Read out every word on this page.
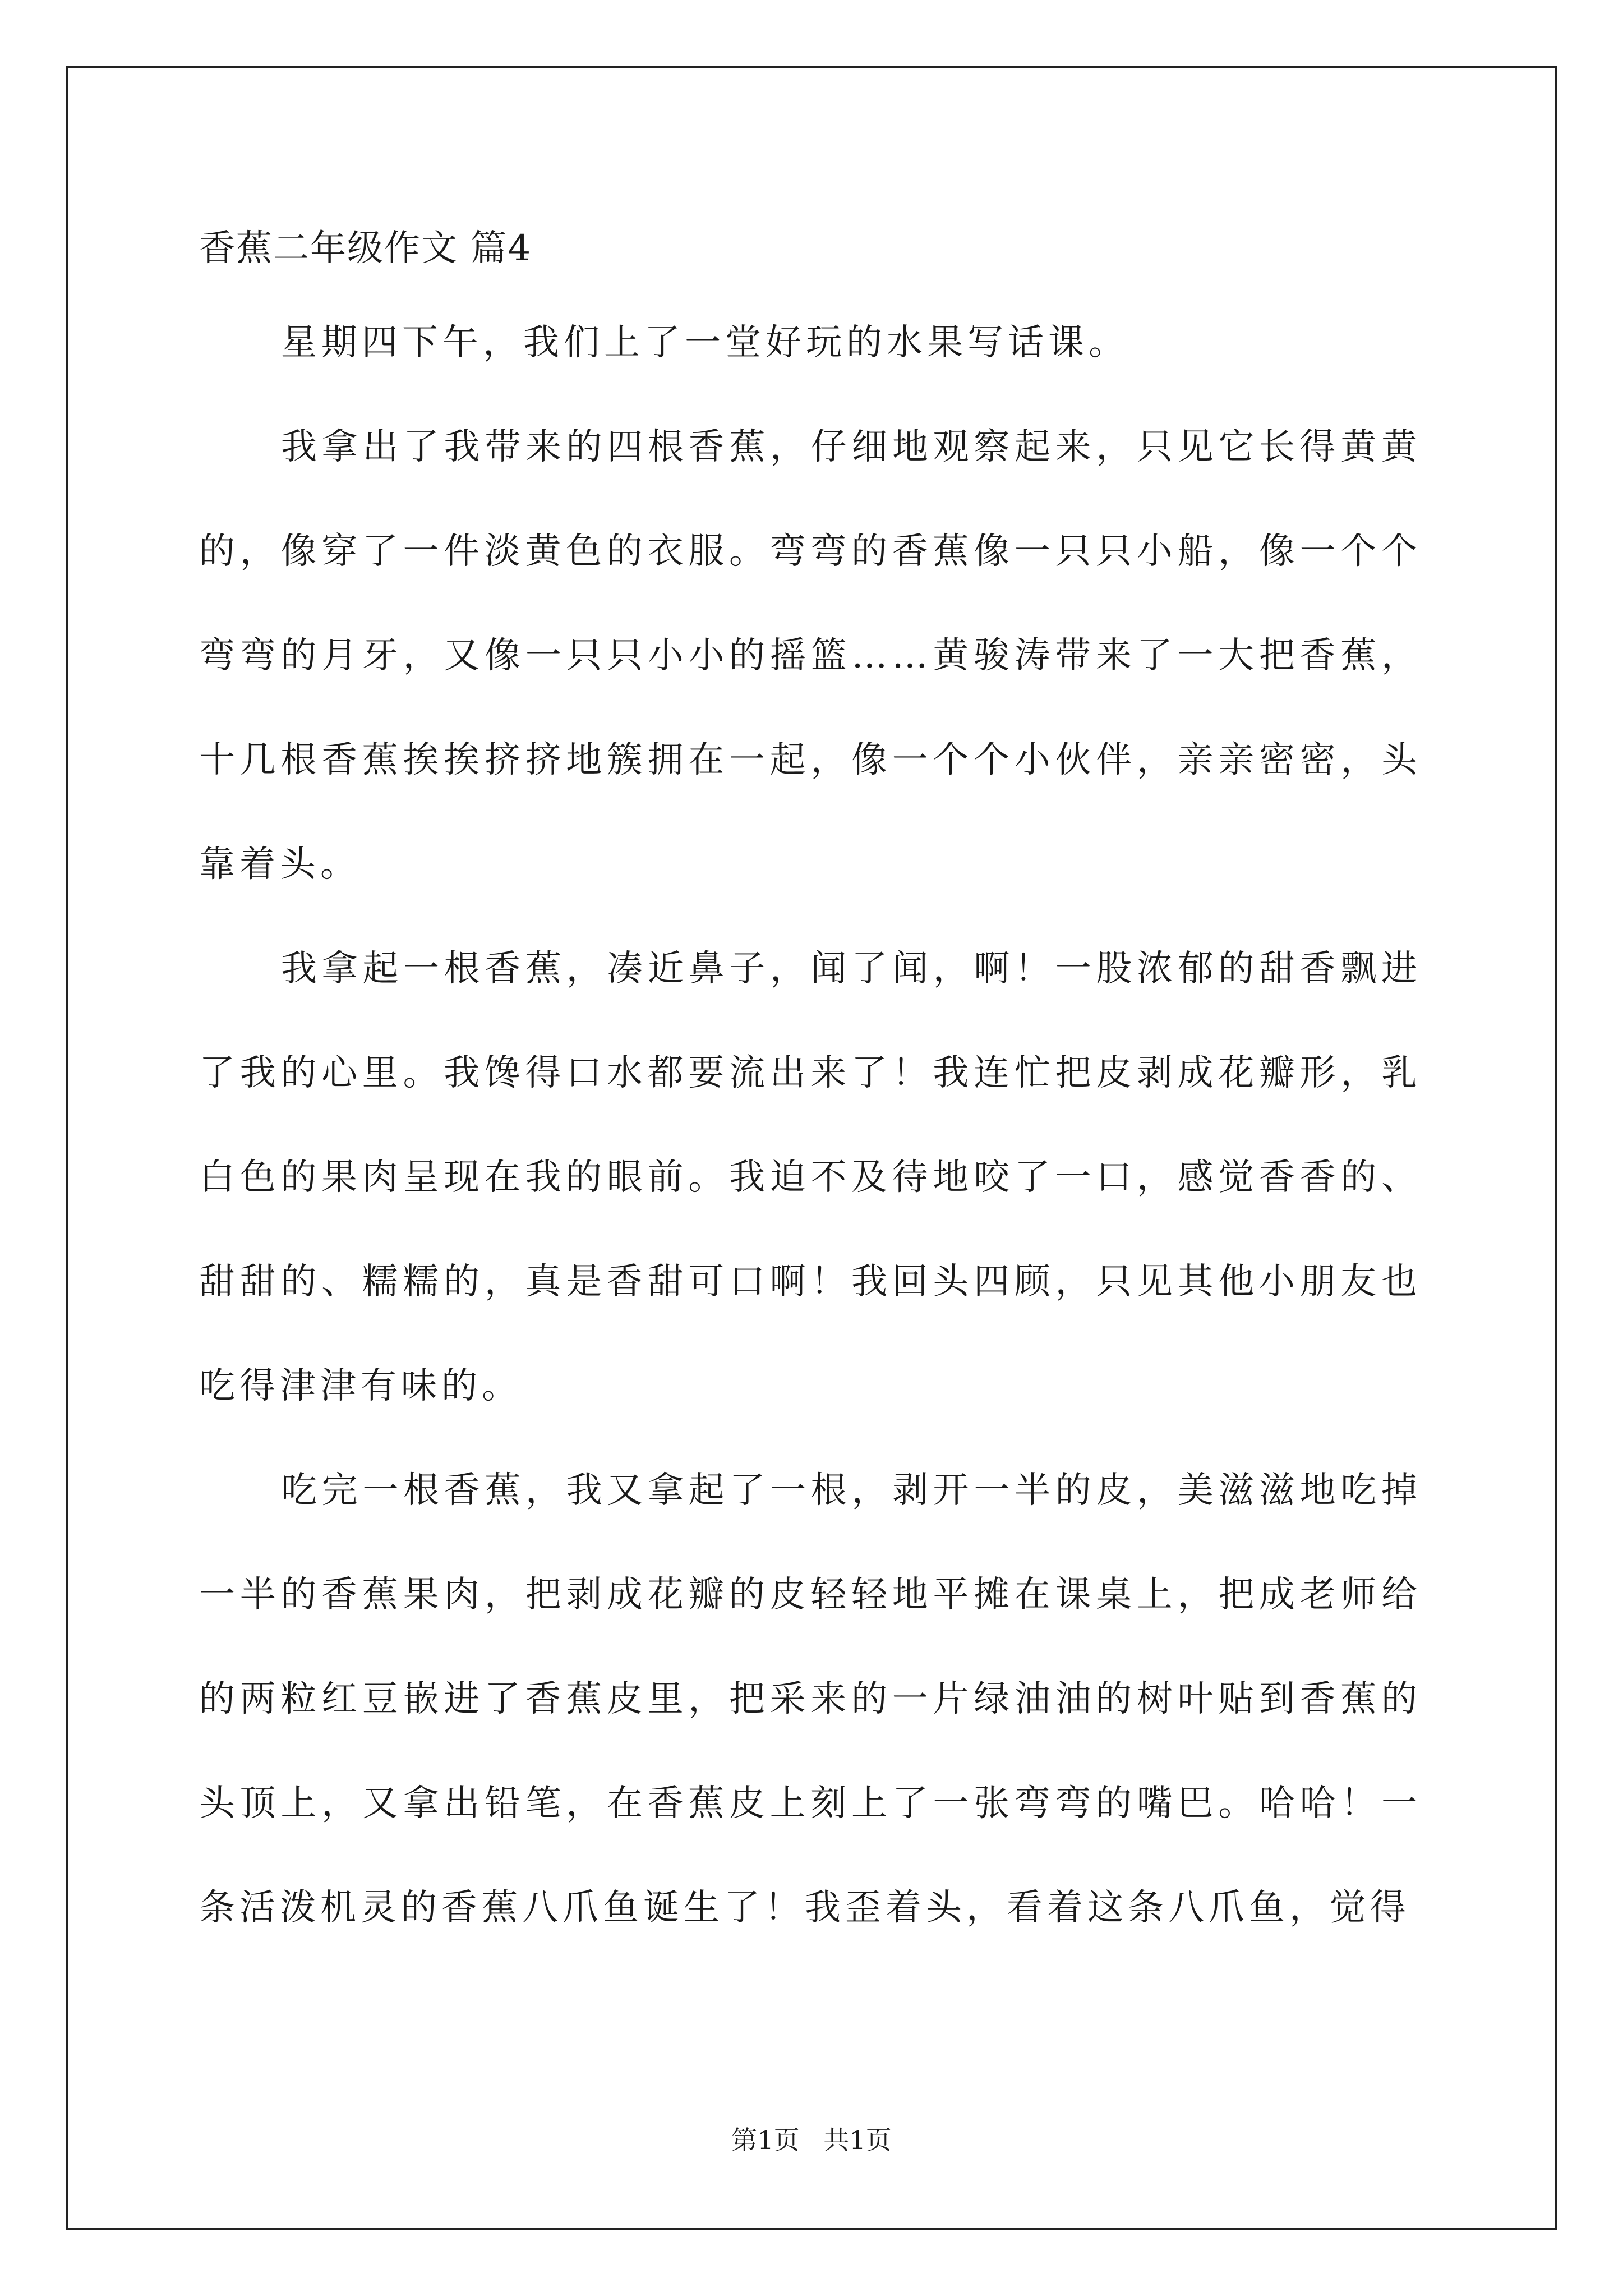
香蕉二年级作文 篇4

星期四下午，我们上了一堂好玩的水果写话课。

我拿出了我带来的四根香蕉，仔细地观察起来，只见它长得黄黄的，像穿了一件淡黄色的衣服。弯弯的香蕉像一只只小船，像一个个弯弯的月牙，又像一只只小小的摇篮……黄骏涛带来了一大把香蕉，十几根香蕉挨挨挤挤地簇拥在一起，像一个个小伙伴，亲亲密密，头靠着头。

我拿起一根香蕉，凑近鼻子，闻了闻，啊！一股浓郁的甜香飘进了我的心里。我馋得口水都要流出来了！我连忙把皮剥成花瓣形，乳白色的果肉呈现在我的眼前。我迫不及待地咬了一口，感觉香香的、甜甜的、糯糯的，真是香甜可口啊！我回头四顾，只见其他小朋友也吃得津津有味的。

吃完一根香蕉，我又拿起了一根，剥开一半的皮，美滋滋地吃掉一半的香蕉果肉，把剥成花瓣的皮轻轻地平摊在课桌上，把成老师给的两粒红豆嵌进了香蕉皮里，把采来的一片绿油油的树叶贴到香蕉的头顶上，又拿出铅笔，在香蕉皮上刻上了一张弯弯的嘴巴。哈哈！一条活泼机灵的香蕉八爪鱼诞生了！我歪着头，看着这条八爪鱼，觉得

第1页 共1页
